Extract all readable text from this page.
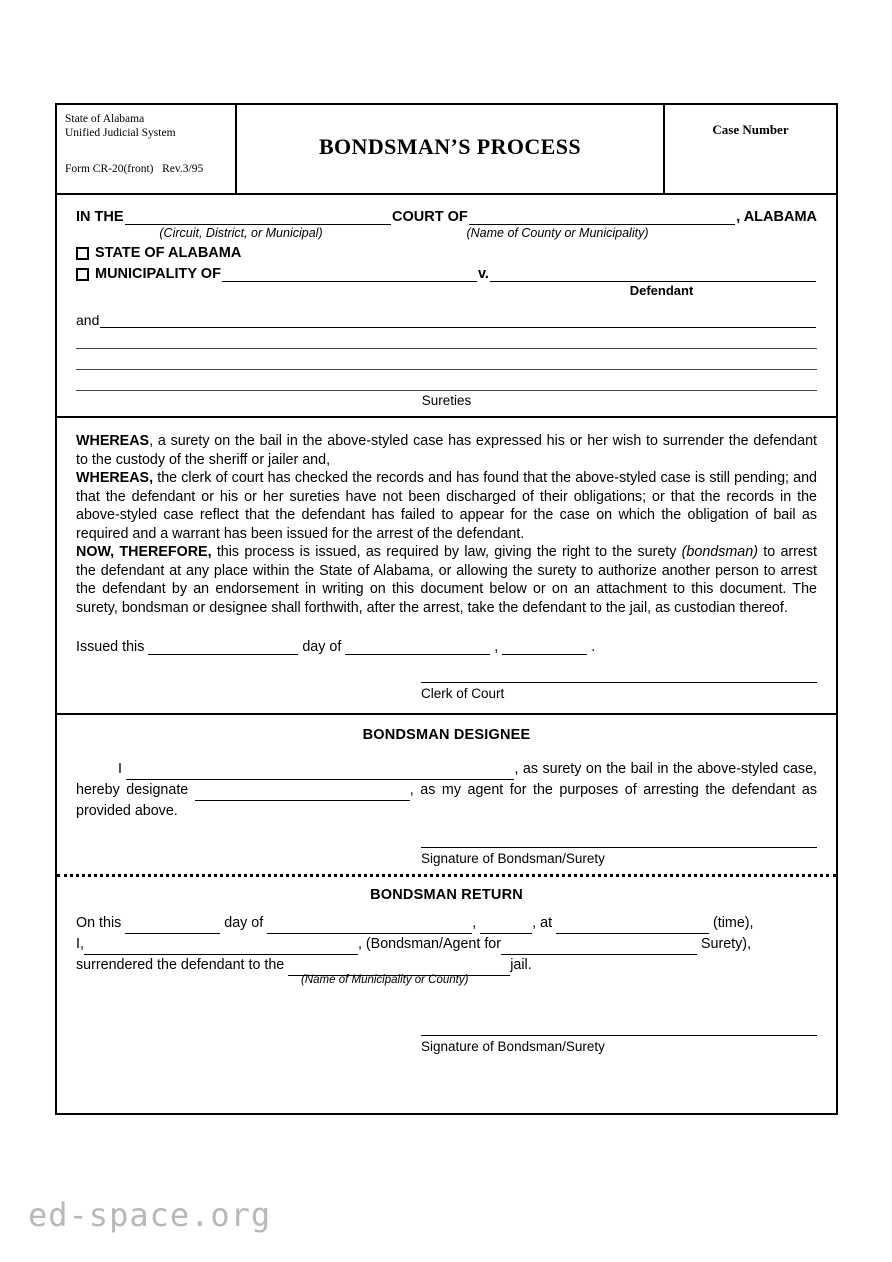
State of Alabama
Unified Judicial System
Form CR-20(front)   Rev.3/95
BONDSMAN’S PROCESS
Case Number
IN THE	COURT OF	, ALABAMA
(Circuit, District, or Municipal)	(Name of County or Municipality)
STATE OF ALABAMA
MUNICIPALITY OF	v.
Defendant
and
Sureties

WHEREAS, a surety on the bail in the above-styled case has expressed his or her wish to surrender the defendant to the custody of the sheriff or jailer and,

WHEREAS, the clerk of court has checked the records and has found that the above-styled case is still pending; and that the defendant or his or her sureties have not been discharged of their obligations; or that the records in the above-styled case reflect that the defendant has failed to appear for the case on which the obligation of bail as required and a warrant has been issued for the arrest of the defendant.

NOW, THEREFORE, this process is issued, as required by law, giving the right to the surety (bondsman) to arrest the defendant at any place within the State of Alabama, or allowing the surety to authorize another person to arrest the defendant by an endorsement in writing on this document below or on an attachment to this document. The surety, bondsman or designee shall forthwith, after the arrest, take the defendant to the jail, as custodian thereof.

Issued this	day of	,	.
Clerk of Court
BONDSMAN DESIGNEE
I	, as surety on the bail in the above-styled case, hereby designate	, as my agent for the purposes of arresting the defendant as provided above.
Signature of Bondsman/Surety
BONDSMAN RETURN
On this	day of	,	, at	(time),
I,	, (Bondsman/Agent for	Surety),
surrendered the defendant to the	jail.
(Name of Municipality or County)
Signature of Bondsman/Surety
ed-space.org
